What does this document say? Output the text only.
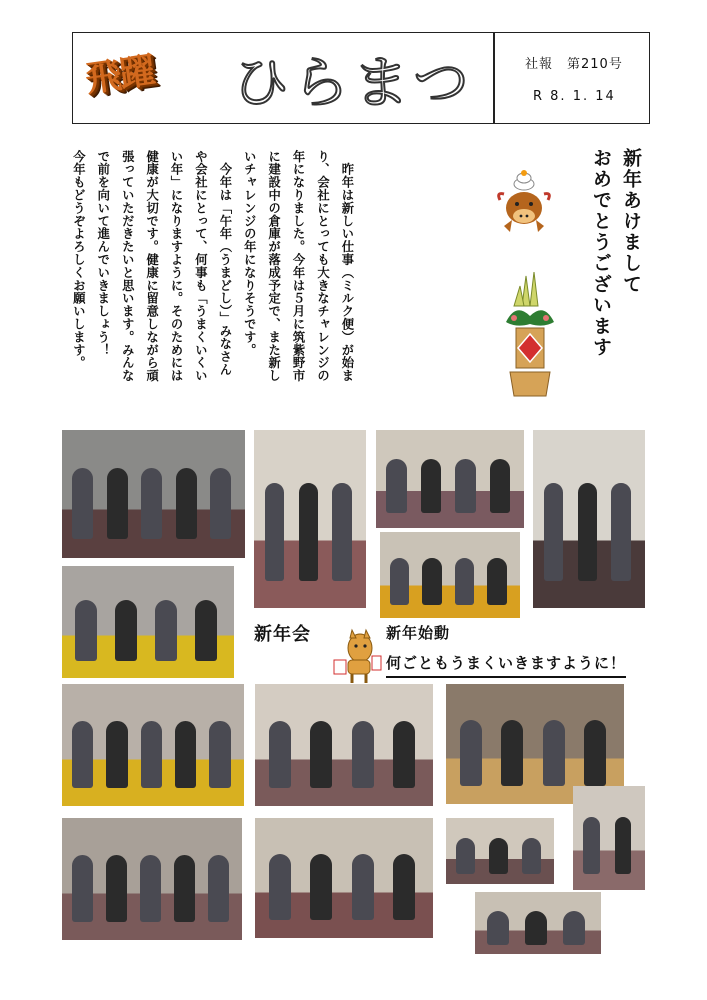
飛躍 ひらまつ	社報　第210号
R 8. 1. 14
新年あけまして
おめでとうございます
　昨年は新しい仕事（ミルク便）が始まり、会社にとっても大きなチャレンジの年になりました。今年は５月に筑紫野市に建設中の倉庫が落成予定で、また新しいチャレンジの年になりそうです。
　今年は「午年（うまどし）」みなさんや会社にとって、何事も「うまくいくいい年」になりますように。そのためには健康が大切です。健康に留意しながら頑張っていただきたいと思います。みんなで前を向いて進んでいきましょう！
今年もどうぞよろしくお願いします。
新年会	新年始動
何ごともうまくいきますように！
